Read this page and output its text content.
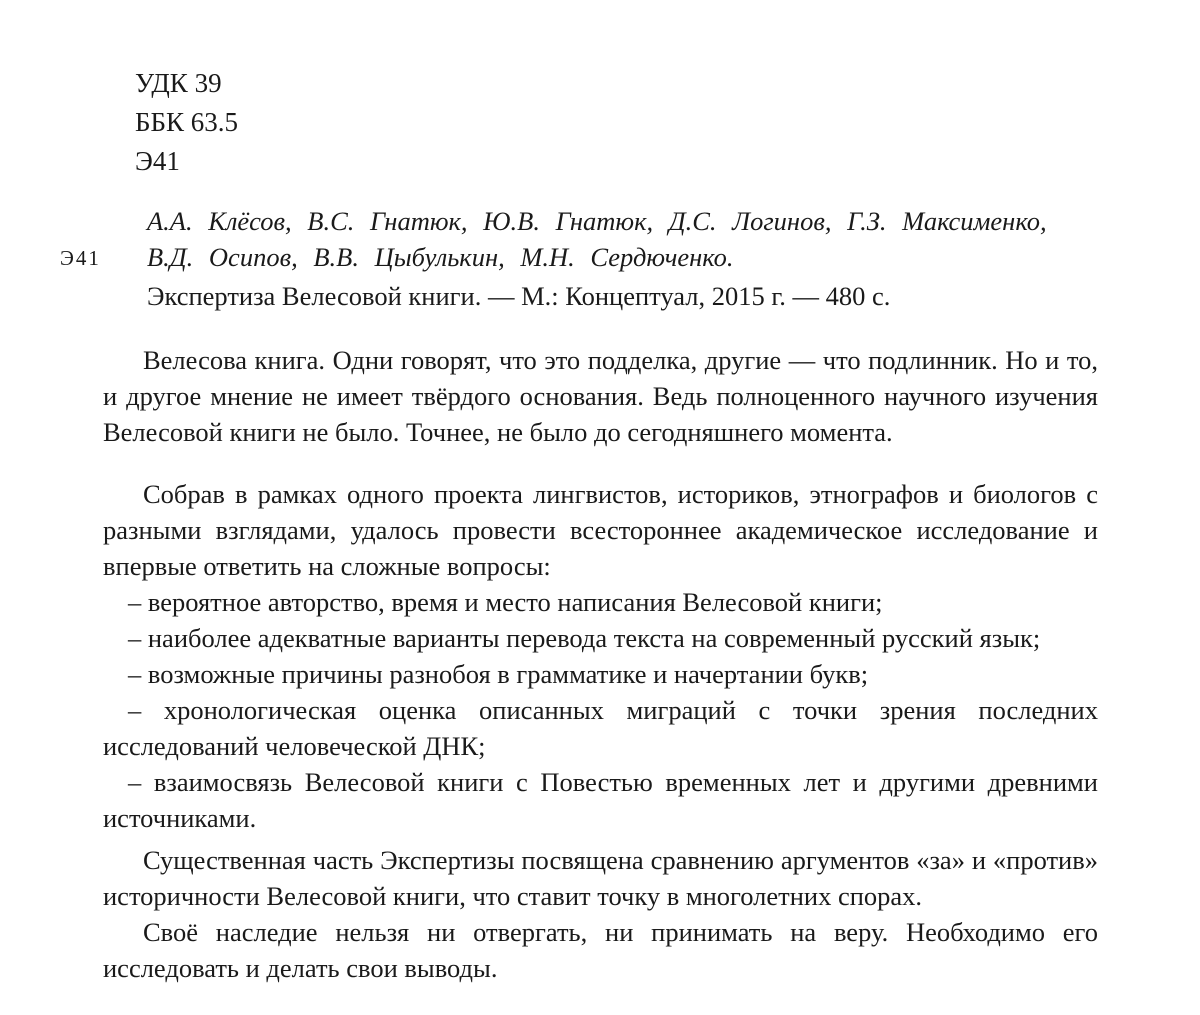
УДК 39
ББК 63.5
Э41
Э41
А.А. Клёсов, В.С. Гнатюк, Ю.В. Гнатюк, Д.С. Логинов, Г.З. Максименко,
В.Д. Осипов, В.В. Цыбулькин, М.Н. Сердюченко.
Экспертиза Велесовой книги. — М.: Концептуал, 2015 г. — 480 с.

Велесова книга. Одни говорят, что это подделка, другие — что подлинник. Но и то, и другое мнение не имеет твёрдого основания. Ведь полноценного научного изучения Велесовой книги не было. Точнее, не было до сегодняшнего момента.

Собрав в рамках одного проекта лингвистов, историков, этнографов и биологов с разными взглядами, удалось провести всестороннее академическое исследование и впервые ответить на сложные вопросы:

– вероятное авторство, время и место написания Велесовой книги;

– наиболее адекватные варианты перевода текста на современный русский язык;

– возможные причины разнобоя в грамматике и начертании букв;

– хронологическая оценка описанных миграций с точки зрения последних исследований человеческой ДНК;

– взаимосвязь Велесовой книги с Повестью временных лет и другими древними источниками.

Существенная часть Экспертизы посвящена сравнению аргументов «за» и «против» историчности Велесовой книги, что ставит точку в многолетних спорах.

Своё наследие нельзя ни отвергать, ни принимать на веру. Необходимо его исследовать и делать свои выводы.
